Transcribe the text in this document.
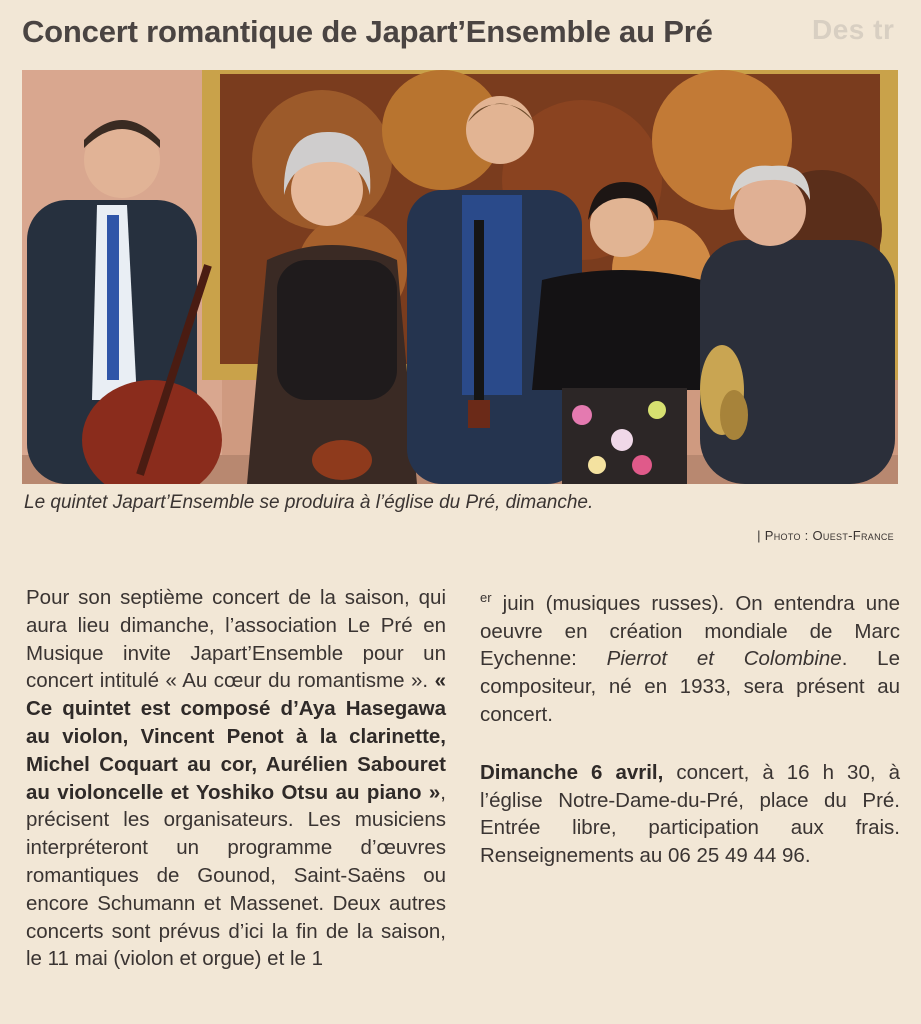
Des tr
Concert romantique de Japart’Ensemble au Pré
Le quintet Japart’Ensemble se produira à l’église du Pré, dimanche.
| Photo : Ouest-France

Pour son septième concert de la saison, qui aura lieu dimanche, l’association Le Pré en Musique invite Japart’Ensemble pour un concert intitulé « Au cœur du romantisme ». « Ce quintet est composé d’Aya Hasegawa au violon, Vincent Penot à la clarinette, Michel Coquart au cor, Aurélien Sabouret au violoncelle et Yoshiko Otsu au piano », précisent les organisateurs. Les musiciens interpréteront un programme d’œuvres romantiques de Gounod, Saint-Saëns ou encore Schumann et Massenet. Deux autres concerts sont prévus d’ici la fin de la saison, le 11 mai (violon et orgue) et le 1

$^{er}$ juin (musiques russes). On entendra une oeuvre en création mondiale de Marc Eychenne: Pierrot et Colombine. Le compositeur, né en 1933, sera présent au concert.

Dimanche 6 avril, concert, à 16 h 30, à l’église Notre-Dame-du-Pré, place du Pré. Entrée libre, participation aux frais. Renseignements au 06 25 49 44 96.
